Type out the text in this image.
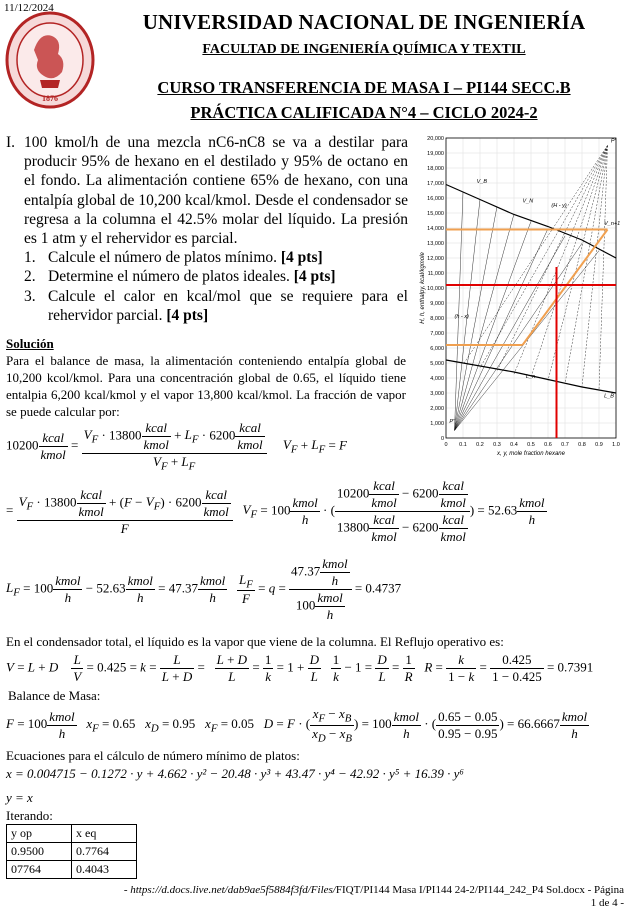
11/12/2024
1876
UNIVERSIDAD NACIONAL DE INGENIERÍA
FACULTAD DE INGENIERÍA QUÍMICA Y TEXTIL
CURSO TRANSFERENCIA DE MASA I – PI144 SECC.B
PRÁCTICA CALIFICADA N°4 – CICLO 2024-2
I. 100 kmol/h de una mezcla nC6-nC8 se va a destilar para producir 95% de hexano en el destilado y 95% de octano en el fondo. La alimentación contiene 65% de hexano, con una entalpía global de 10,200 kcal/kmol. Desde el condensador se regresa a la columna el 42.5% molar del líquido. La presión es 1 atm y el rehervidor es parcial.
1. Calcule el número de platos mínimo. [4 pts]
2. Determine el número de platos ideales. [4 pts]
3. Calcule el calor en kcal/mol que se requiere para el rehervidor parcial. [4 pts]
0
1,000
2,000
3,000
4,000
5,000
6,000
7,000
8,000
9,000
10,000
11,000
12,000
13,000
14,000
15,000
16,000
17,000
18,000
19,000
20,000
0 0.1 0.2 0.3 0.4 0.5 0.6 0.7 0.8 0.9 1.0
x, y, mole fraction hexane
H, h, enthalpy, kcal/kgmole
V_B
V_N
(H - y)
V_n+1
L_n
L_B
(h - x)
P'
P"
Solución
Para el balance de masa, la alimentación conteniendo entalpía global de 10,200 kcol/kmol. Para una concentración global de 0.65, el líquido tiene entalpia 6,200 kcal/kmol y el vapor 13,800 kcal/kmol. La fracción de vapor se puede calcular por:
$10200 \frac{\text{kcal}}{\text{kmol}} = \frac{V_F \cdot 13800 \frac{\text{kcal}}{\text{kmol}} + L_F \cdot 6200 \frac{\text{kcal}}{\text{kmol}}}{V_F + L_F} V_F + L_F = F$
= $\frac{V_F \cdot 13800 \frac{\text{kcal}}{\text{kmol}} + (F - V_F) \cdot 6200 \frac{\text{kcal}}{\text{kmol}}}{F} V_F = 100 \frac{\text{kmol}}{h}$ · ( $\frac{10200 \frac{\text{kcal}}{\text{kmol}} - 6200 \frac{\text{kcal}}{\text{kmol}}}{13800 \frac{\text{kcal}}{\text{kmol}} - 6200 \frac{\text{kcal}}{\text{kmol}}}$ ) = $52.63 \frac{\text{kmol}}{h}$
$L_F = 100 \frac{\text{kmol}}{h} - 52.63 \frac{\text{kmol}}{h} = 47.37 \frac{\text{kmol}}{h}$
$\frac{L_F}{F} = q = \frac{47.37 \frac{\text{kmol}}{h}}{100 \frac{\text{kmol}}{h}} = 0.4737$
En el condensador total, el líquido es la vapor que viene de la columna. El Reflujo operativo es:
V = L + D $\frac{L}{V} = 0.425 = k = \frac{L}{L + D} = \frac{L + D}{L} = \frac{1}{k} = 1 + \frac{D}{L}$
$\frac{1}{k} - 1 = \frac{D}{L} = \frac{1}{R}$ $R = \frac{k}{1 - k} = \frac{0.425}{1 - 0.425} = 0.7391$
Balance de Masa:
$F = 100 \frac{\text{kmol}}{h} x_F = 0.65$ $x_D = 0.95$ $x_F = 0.05$ D = F · ( $\frac{x_F - x_B}{x_D - x_B}$ ) = $100 \frac{\text{kmol}}{h}$ · ( $\frac{0.65 - 0.05}{0.95 - 0.95}$ ) = $66.6667 \frac{\text{kmol}}{h}$
Ecuaciones para el cálculo de número mínimo de platos:
x = 0.004715 − 0.1272 · y + 4.662 · y² − 20.48 · y³ + 43.47 · y⁴ − 42.92 · y⁵ + 16.39 · y⁶
y = x
Iterando:
y op	x eq
0.9500	0.7764
07764	0.4043
- https://d.docs.live.net/dab9ae5f5884f3fd/Files/FIQT/PI144 Masa I/PI144 24-2/PI144_242_P4 Sol.docx - Página
1 de 4 -
